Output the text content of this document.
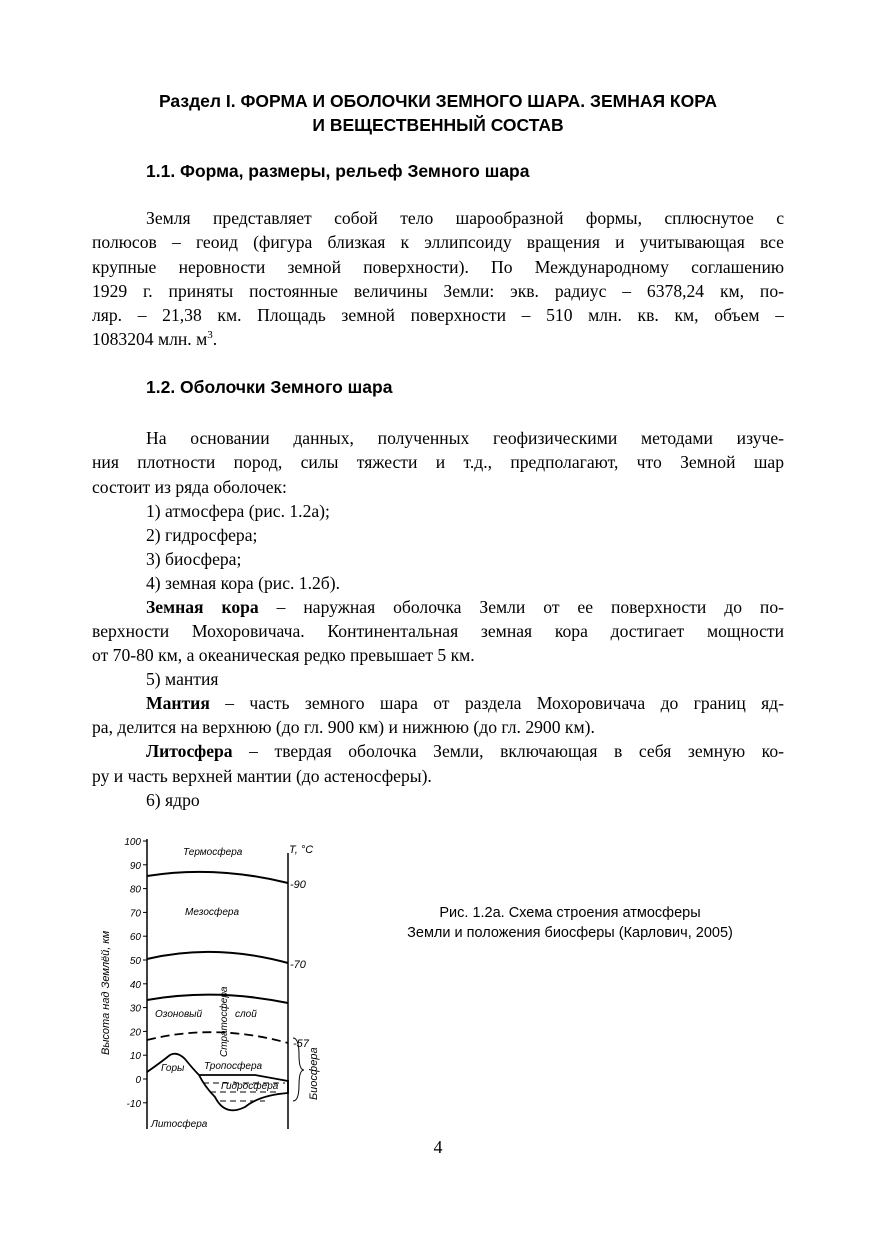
Раздел I. ФОРМА И ОБОЛОЧКИ ЗЕМНОГО ШАРА. ЗЕМНАЯ КОРА
И ВЕЩЕСТВЕННЫЙ СОСТАВ
1.1. Форма, размеры, рельеф Земного шара
Земля представляет собой тело шарообразной формы, сплюснутое с
полюсов – геоид (фигура близкая к эллипсоиду вращения и учитывающая все
крупные неровности земной поверхности). По Международному соглашению
1929 г. приняты постоянные величины Земли: экв. радиус – 6378,24 км, по-
ляр. – 21,38 км. Площадь земной поверхности – 510 млн. кв. км, объем –
1083204 млн. $м^3$.
1.2. Оболочки Земного шара
На основании данных, полученных геофизическими методами изуче-
ния плотности пород, силы тяжести и т.д., предполагают, что Земной шар
состоит из ряда оболочек:
1) атмосфера (рис. 1.2а);
2) гидросфера;
3) биосфера;
4) земная кора (рис. 1.2б).
Земная кора – наружная оболочка Земли от ее поверхности до по-
верхности Мохоровичача. Континентальная земная кора достигает мощности
от 70-80 км, а океаническая редко превышает 5 км.
5) мантия
Мантия – часть земного шара от раздела Мохоровичача до границ яд-
ра, делится на верхнюю (до гл. 900 км) и нижнюю (до гл. 2900 км).
Литосфера – твердая оболочка Земли, включающая в себя земную ко-
ру и часть верхней мантии (до астеносферы).
6) ядро
100
90
80
70
60
50
40
30
20
10
0
-10
Высота над Землёй, км
T, °C
-90
-70
-57
Термосфера
Мезосфера
Озоновый	слой
Стратосфера
Тропосфера
Горы
Гидросфера
Литосфера
Биосфера
Рис. 1.2а. Схема строения атмосферы
Земли и положения биосферы (Карлович, 2005)
4
